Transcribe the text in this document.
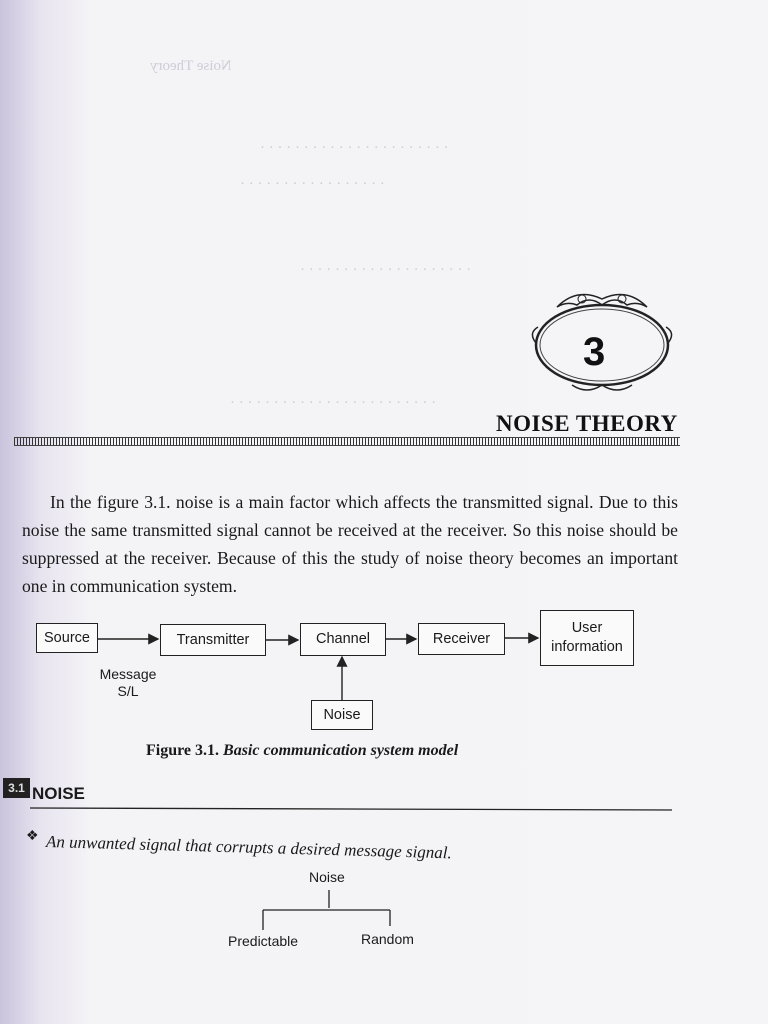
Noise Theory

· · · · · · · · · · · · · · · · · · · · · ·
· · · · · · · · · · · · · · · · ·
· · · · · · · · · · · · · · · · · · · ·
· · · · · · · · · · · · · · · · · · · · · · · ·
3
NOISE THEORY

In the figure 3.1. noise is a main factor which affects the transmitted signal. Due to this noise the same transmitted signal cannot be received at the receiver. So this noise should be suppressed at the receiver. Because of this the study of noise theory becomes an important one in communication system.

Source	Transmitter	Channel	Receiver
User
information
Noise
Message
S/L
Figure 3.1. Basic communication system model
3.1 NOISE
❖ An unwanted signal that corrupts a desired message signal.
Noise
Predictable	Random
